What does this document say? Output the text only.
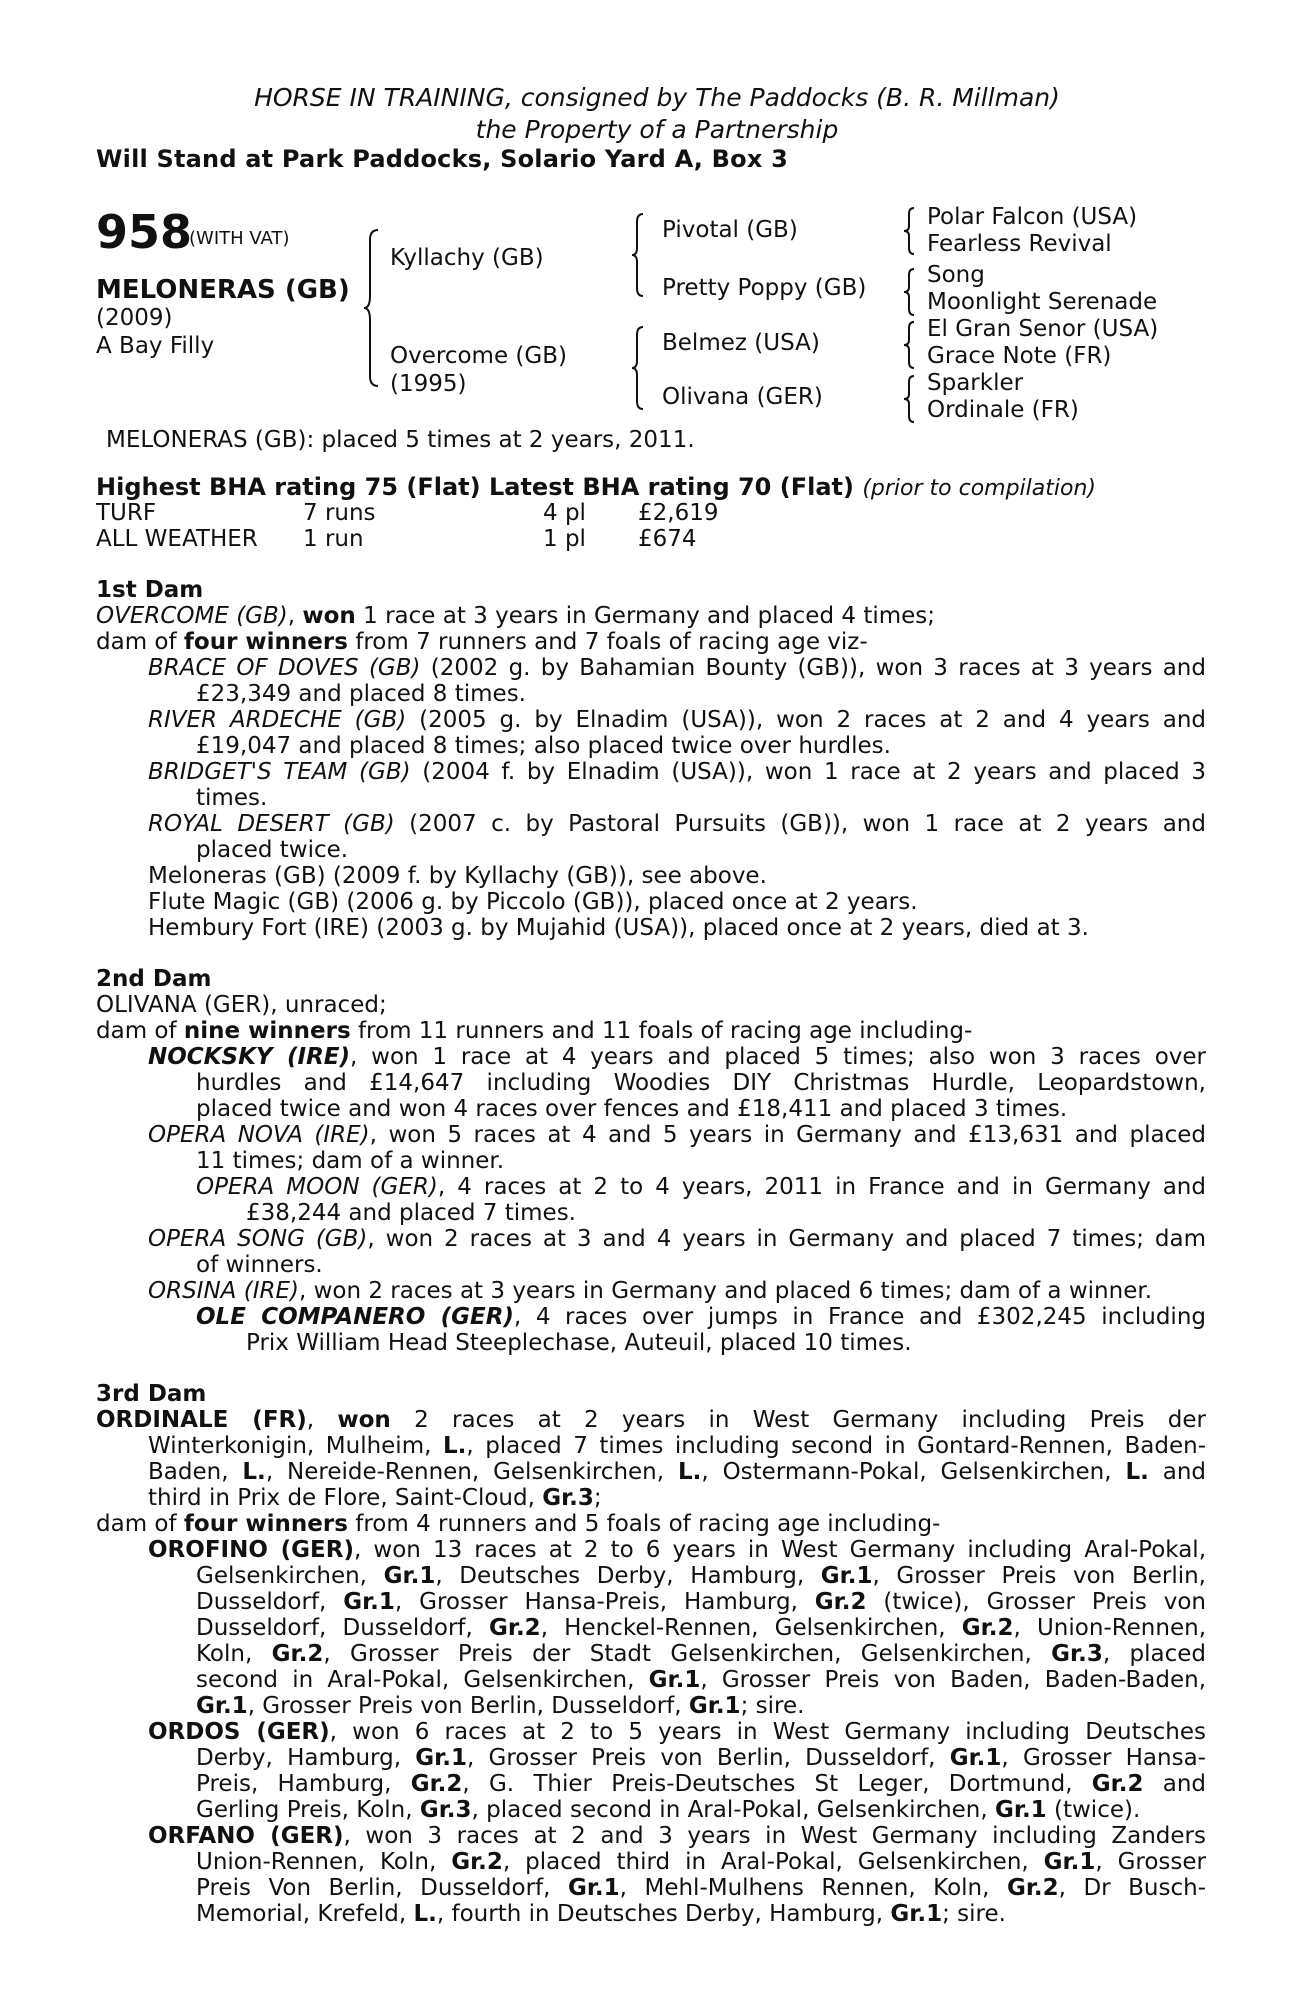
HORSE IN TRAINING, consigned by The Paddocks (B. R. Millman)
the Property of a Partnership
Will Stand at Park Paddocks, Solario Yard A, Box 3
958
(WITH VAT)
MELONERAS (GB)
(2009)
A Bay Filly
Kyllachy (GB)
Overcome (GB)
(1995)
Pivotal (GB)
Pretty Poppy (GB)
Belmez (USA)
Olivana (GER)
Polar Falcon (USA)
Fearless Revival
Song
Moonlight Serenade
El Gran Senor (USA)
Grace Note (FR)
Sparkler
Ordinale (FR)
MELONERAS (GB): placed 5 times at 2 years, 2011.
Highest BHA rating 75 (Flat) Latest BHA rating 70 (Flat) (prior to compilation)
TURF	7 runs	4 pl £2,619
ALL WEATHER 1 run	1 pl £674
1st Dam
OVERCOME (GB), won 1 race at 3 years in Germany and placed 4 times;
dam of four winners from 7 runners and 7 foals of racing age viz-
BRACE OF DOVES (GB) (2002 g. by Bahamian Bounty (GB)), won 3 races at 3 years and
£23,349 and placed 8 times.
RIVER ARDECHE (GB) (2005 g. by Elnadim (USA)), won 2 races at 2 and 4 years and
£19,047 and placed 8 times; also placed twice over hurdles.
BRIDGET'S TEAM (GB) (2004 f. by Elnadim (USA)), won 1 race at 2 years and placed 3
times.
ROYAL DESERT (GB) (2007 c. by Pastoral Pursuits (GB)), won 1 race at 2 years and
placed twice.
Meloneras (GB) (2009 f. by Kyllachy (GB)), see above.
Flute Magic (GB) (2006 g. by Piccolo (GB)), placed once at 2 years.
Hembury Fort (IRE) (2003 g. by Mujahid (USA)), placed once at 2 years, died at 3.
2nd Dam
OLIVANA (GER), unraced;
dam of nine winners from 11 runners and 11 foals of racing age including-
NOCKSKY (IRE), won 1 race at 4 years and placed 5 times; also won 3 races over
hurdles and £14,647 including Woodies DIY Christmas Hurdle, Leopardstown,
placed twice and won 4 races over fences and £18,411 and placed 3 times.
OPERA NOVA (IRE), won 5 races at 4 and 5 years in Germany and £13,631 and placed
11 times; dam of a winner.
OPERA MOON (GER), 4 races at 2 to 4 years, 2011 in France and in Germany and
£38,244 and placed 7 times.
OPERA SONG (GB), won 2 races at 3 and 4 years in Germany and placed 7 times; dam
of winners.
ORSINA (IRE), won 2 races at 3 years in Germany and placed 6 times; dam of a winner.
OLE COMPANERO (GER), 4 races over jumps in France and £302,245 including
Prix William Head Steeplechase, Auteuil, placed 10 times.
3rd Dam
ORDINALE (FR), won 2 races at 2 years in West Germany including Preis der
Winterkonigin, Mulheim, L., placed 7 times including second in Gontard-Rennen, Baden-
Baden, L., Nereide-Rennen, Gelsenkirchen, L., Ostermann-Pokal, Gelsenkirchen, L. and
third in Prix de Flore, Saint-Cloud, Gr.3;
dam of four winners from 4 runners and 5 foals of racing age including-
OROFINO (GER), won 13 races at 2 to 6 years in West Germany including Aral-Pokal,
Gelsenkirchen, Gr.1, Deutsches Derby, Hamburg, Gr.1, Grosser Preis von Berlin,
Dusseldorf, Gr.1, Grosser Hansa-Preis, Hamburg, Gr.2 (twice), Grosser Preis von
Dusseldorf, Dusseldorf, Gr.2, Henckel-Rennen, Gelsenkirchen, Gr.2, Union-Rennen,
Koln, Gr.2, Grosser Preis der Stadt Gelsenkirchen, Gelsenkirchen, Gr.3, placed
second in Aral-Pokal, Gelsenkirchen, Gr.1, Grosser Preis von Baden, Baden-Baden,
Gr.1, Grosser Preis von Berlin, Dusseldorf, Gr.1; sire.
ORDOS (GER), won 6 races at 2 to 5 years in West Germany including Deutsches
Derby, Hamburg, Gr.1, Grosser Preis von Berlin, Dusseldorf, Gr.1, Grosser Hansa-
Preis, Hamburg, Gr.2, G. Thier Preis-Deutsches St Leger, Dortmund, Gr.2 and
Gerling Preis, Koln, Gr.3, placed second in Aral-Pokal, Gelsenkirchen, Gr.1 (twice).
ORFANO (GER), won 3 races at 2 and 3 years in West Germany including Zanders
Union-Rennen, Koln, Gr.2, placed third in Aral-Pokal, Gelsenkirchen, Gr.1, Grosser
Preis Von Berlin, Dusseldorf, Gr.1, Mehl-Mulhens Rennen, Koln, Gr.2, Dr Busch-
Memorial, Krefeld, L., fourth in Deutsches Derby, Hamburg, Gr.1; sire.
